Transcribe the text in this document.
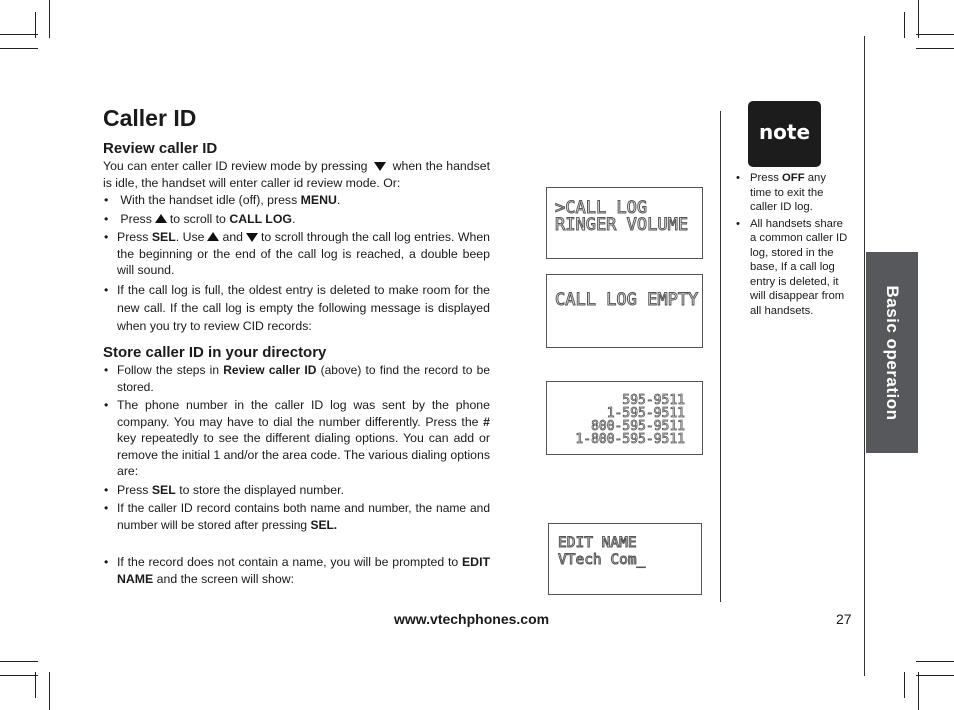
Caller ID
Review caller ID
You can enter caller ID review mode by pressing when the handset is idle, the handset will enter caller id review mode. Or:
• With the handset idle (off), press MENU.
• Press to scroll to CALL LOG.
• Press SEL. Use and to scroll through the call log entries. When the beginning or the end of the call log is reached, a double beep will sound.
• If the call log is full, the oldest entry is deleted to make room for the new call. If the call log is empty the following message is displayed when you try to review CID records:
Store caller ID in your directory
• Follow the steps in Review caller ID (above) to find the record to be stored.
• The phone number in the caller ID log was sent by the phone company. You may have to dial the number differently. Press the # key repeatedly to see the different dialing options. You can add or remove the initial 1 and/or the area code. The various dialing options are:
• Press SEL to store the displayed number.
• If the caller ID record contains both name and number, the name and number will be stored after pressing SEL.
• If the record does not contain a name, you will be prompted to EDIT NAME and the screen will show:
>CALL LOG
RINGER VOLUME
CALL LOG EMPTY
595-9511
1-595-9511
800-595-9511
1-800-595-9511
EDIT NAME
VTech Com_
note
• Press OFF any time to exit the caller ID log.
• All handsets share a common caller ID log, stored in the base, If a call log entry is deleted, it will disappear from all handsets.	Basic operation
www.vtechphones.com	27
